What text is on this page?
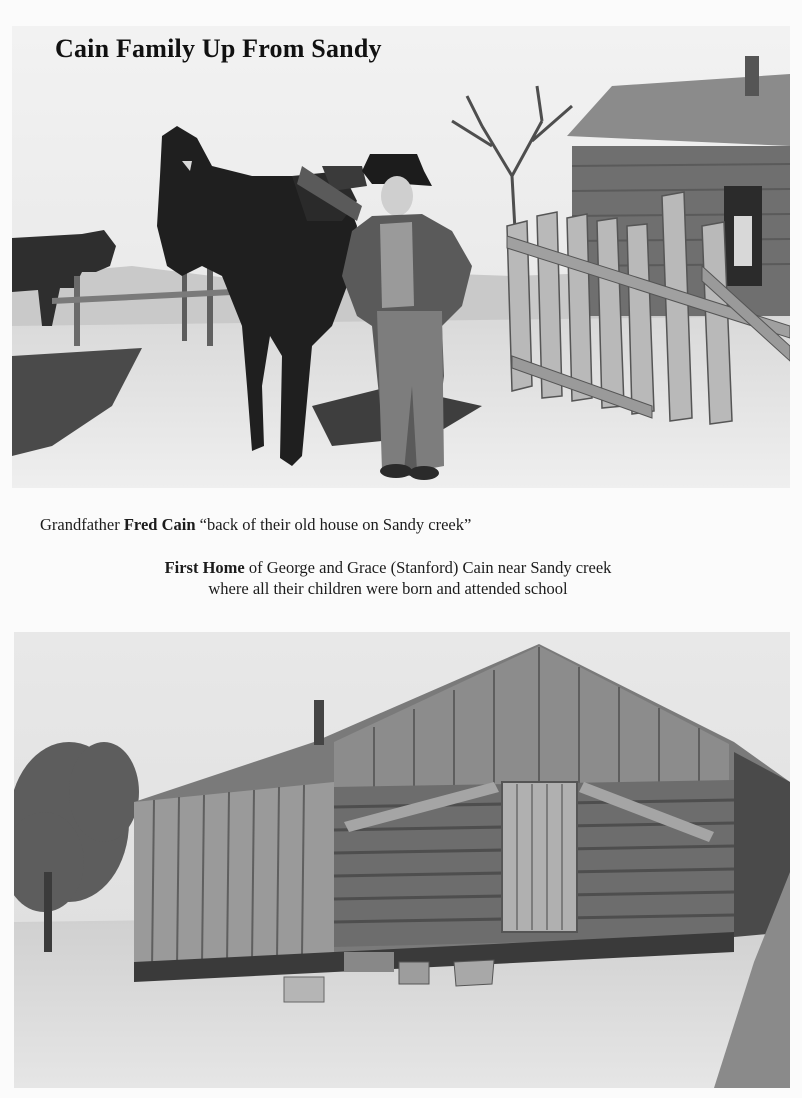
Cain Family Up From Sandy
Grandfather Fred Cain “back of their old house on Sandy creek”
First Home of George and Grace (Stanford) Cain near Sandy creek
where all their children were born and attended school
